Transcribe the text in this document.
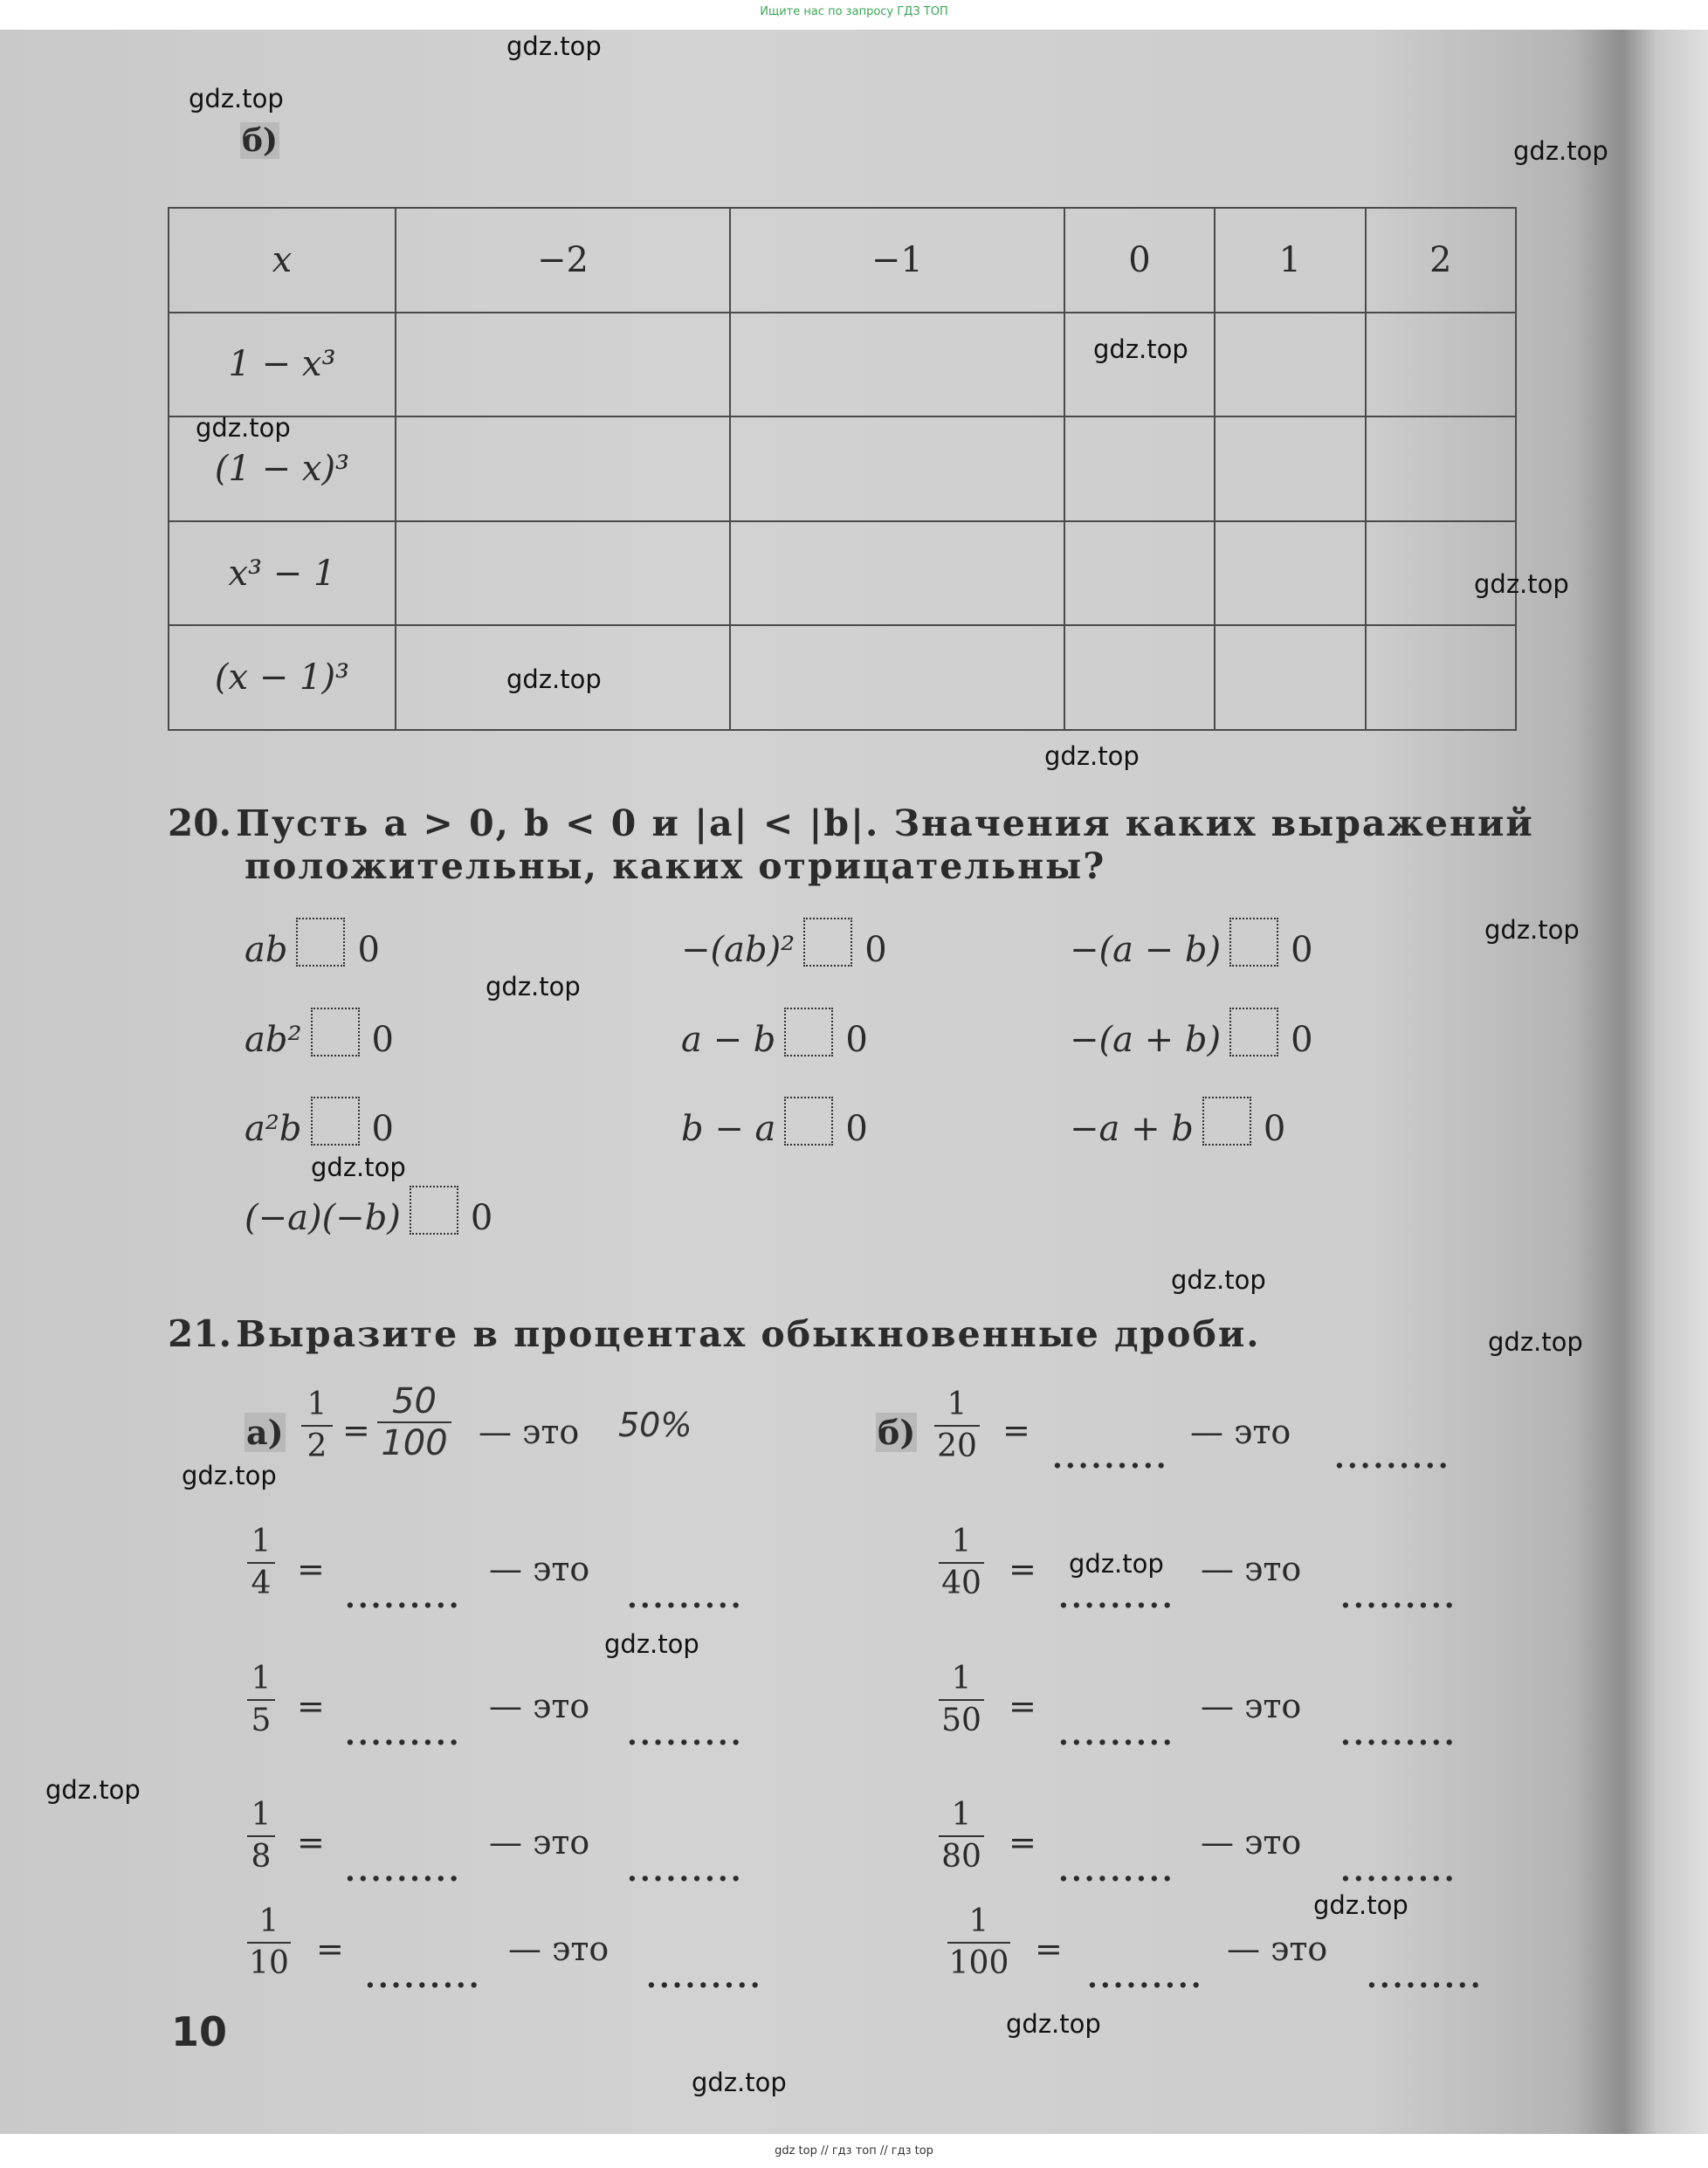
Ищите нас по запросу ГДЗ ТОП
б)
x	−2	−1	0	1	2
1 − x³					
(1 − x)³					
x³ − 1					
(x − 1)³					
20. Пусть a > 0, b < 0 и |a| < |b|. Значения каких выражений
положительны, каких отрицательны?
ab 0
ab² 0
a²b 0
(−a)(−b) 0
−(ab)² 0
a − b 0
b − a 0
−(a − b) 0
−(a + b) 0
−a + b 0
21. Выразите в процентах обыкновенные дроби.
а)
1
2 =
50
100 — это 50%	б)
1
20 =
.........
— это
.........
1
4 =
.........
— это
.........
1
5 =
.........
— это
.........
1
8 =
.........
— это
.........
1
10 =
.........
— это
.........
1
40 =
.........
— это
.........
1
50 =
.........
— это
.........
1
80 =
.........
— это
.........
1
100 =
.........
— это
.........
10
gdz.top
gdz.top
gdz.top
gdz.top
gdz.top
gdz.top
gdz.top
gdz.top
gdz.top
gdz.top
gdz.top
gdz.top
gdz.top
gdz.top
gdz.top
gdz.top
gdz.top
gdz.top
gdz.top
gdz.top
gdz top // гдз топ // гдз top
